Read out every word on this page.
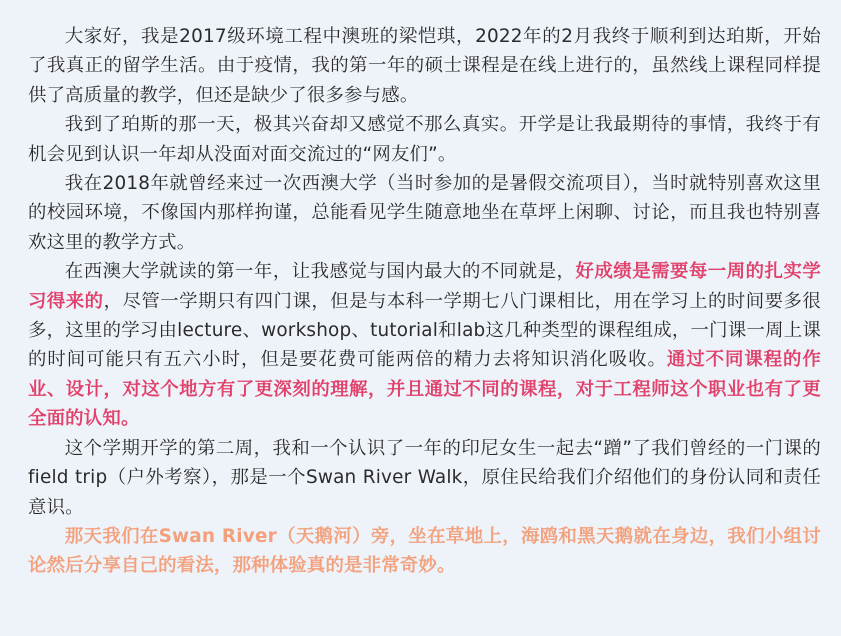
大家好，我是2017级环境工程中澳班的梁恺琪，2022年的2月我终于顺利到达珀斯，开始了我真正的留学生活。由于疫情，我的第一年的硕士课程是在线上进行的，虽然线上课程同样提供了高质量的教学，但还是缺少了很多参与感。

我到了珀斯的那一天，极其兴奋却又感觉不那么真实。开学是让我最期待的事情，我终于有机会见到认识一年却从没面对面交流过的“网友们”。

我在2018年就曾经来过一次西澳大学（当时参加的是暑假交流项目），当时就特别喜欢这里的校园环境，不像国内那样拘谨，总能看见学生随意地坐在草坪上闲聊、讨论，而且我也特别喜欢这里的教学方式。

在西澳大学就读的第一年，让我感觉与国内最大的不同就是，好成绩是需要每一周的扎实学习得来的，尽管一学期只有四门课，但是与本科一学期七八门课相比，用在学习上的时间要多很多，这里的学习由lecture、workshop、tutorial和lab这几种类型的课程组成，一门课一周上课的时间可能只有五六小时，但是要花费可能两倍的精力去将知识消化吸收。通过不同课程的作业、设计，对这个地方有了更深刻的理解，并且通过不同的课程，对于工程师这个职业也有了更全面的认知。

这个学期开学的第二周，我和一个认识了一年的印尼女生一起去“蹭”了我们曾经的一门课的field trip（户外考察），那是一个Swan River Walk，原住民给我们介绍他们的身份认同和责任意识。

那天我们在Swan River（天鹅河）旁，坐在草地上，海鸥和黑天鹅就在身边，我们小组讨论然后分享自己的看法，那种体验真的是非常奇妙。
